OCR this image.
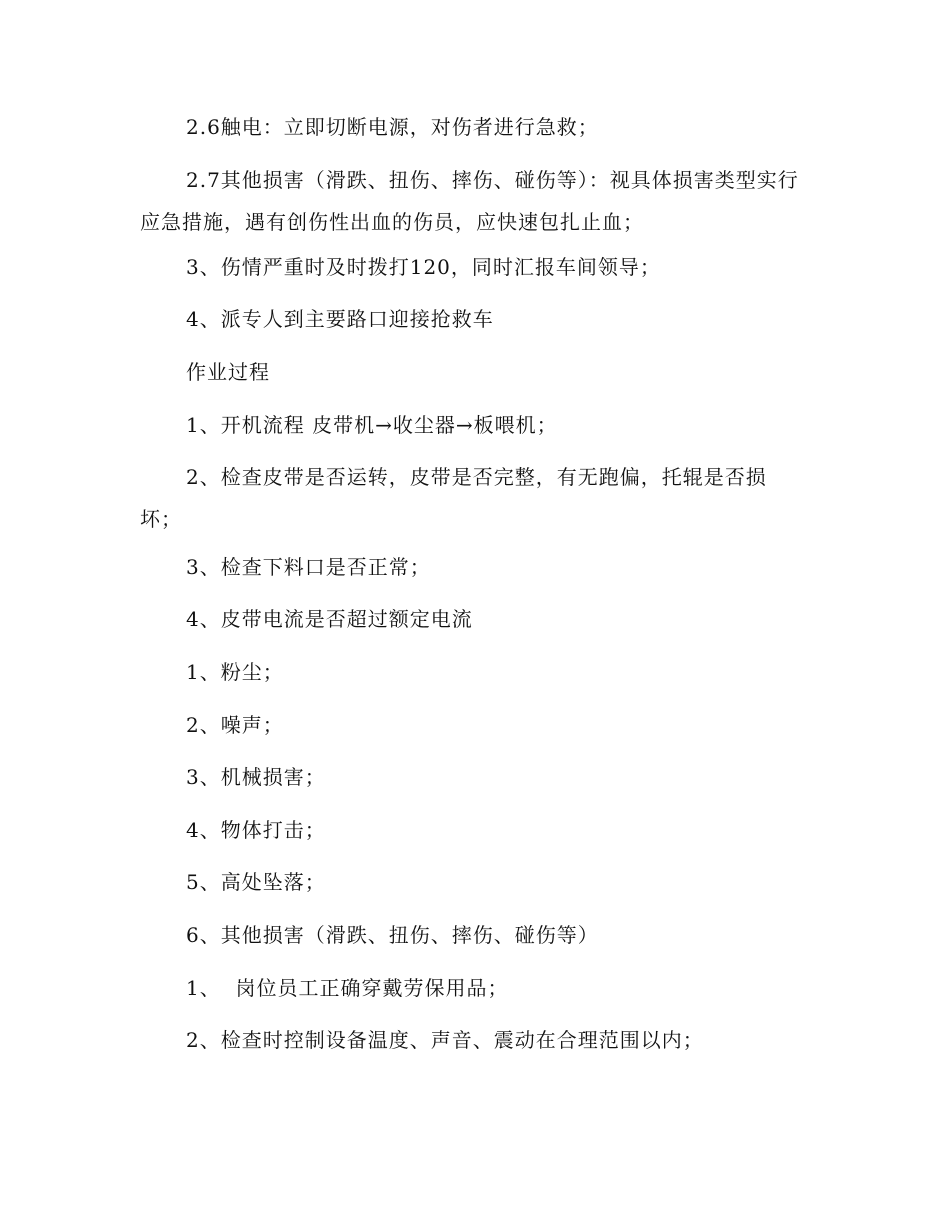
2.6触电：立即切断电源，对伤者进行急救；

2.7其他损害（滑跌、扭伤、摔伤、碰伤等）：视具体损害类型实行应急措施，遇有创伤性出血的伤员，应快速包扎止血；

3、伤情严重时及时拨打120，同时汇报车间领导；

4、派专人到主要路口迎接抢救车

作业过程

1、开机流程 皮带机→收尘器→板喂机；

2、检查皮带是否运转，皮带是否完整，有无跑偏，托辊是否损坏；

3、检查下料口是否正常；

4、皮带电流是否超过额定电流

1、粉尘；

2、噪声；

3、机械损害；

4、物体打击；

5、高处坠落；

6、其他损害（滑跌、扭伤、摔伤、碰伤等）

1、  岗位员工正确穿戴劳保用品；

2、检查时控制设备温度、声音、震动在合理范围以内；
